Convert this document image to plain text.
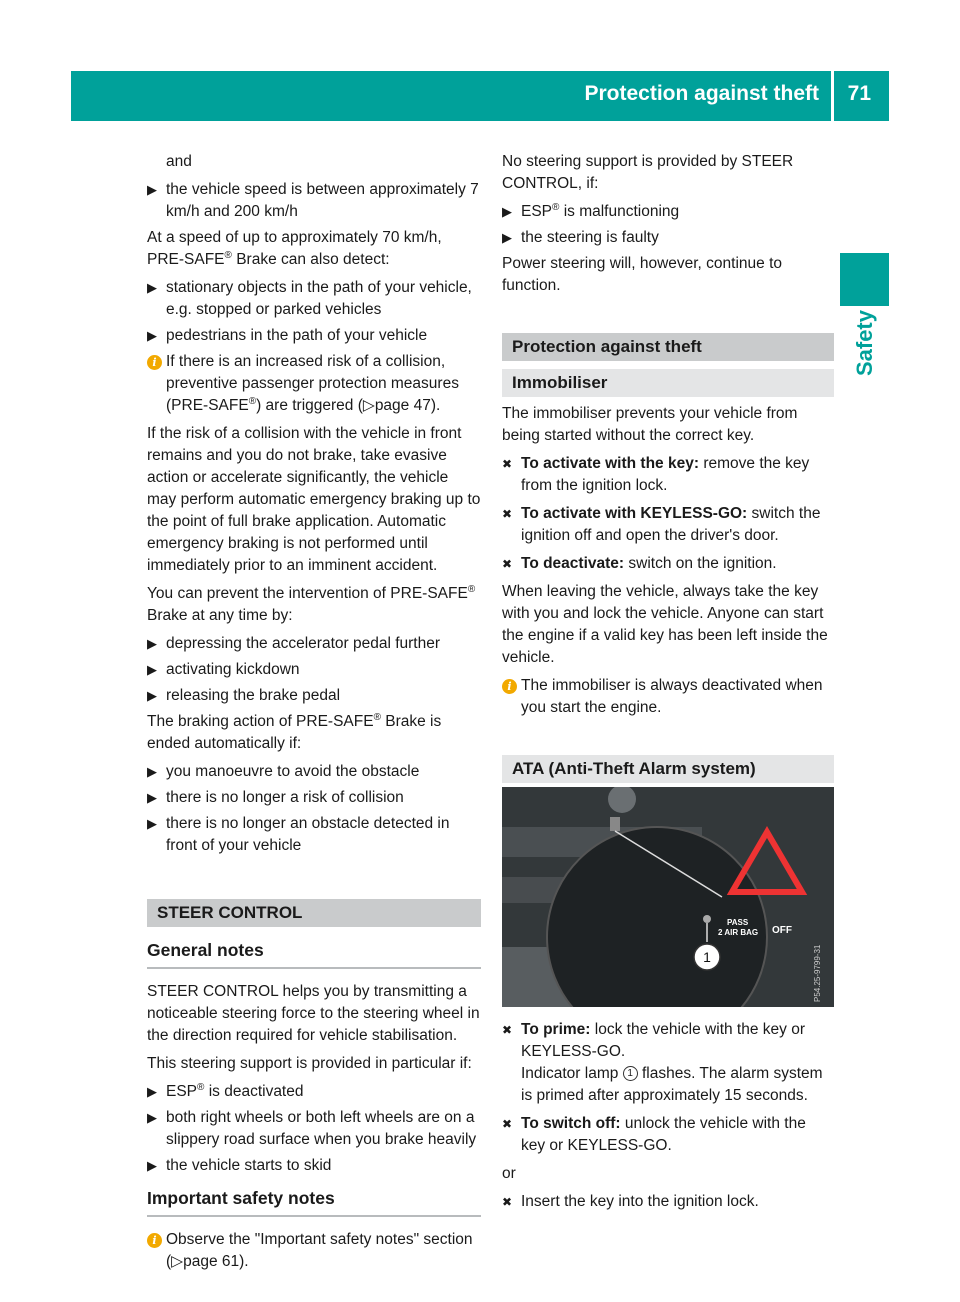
Protection against theft 71
Safety

and

▶ the vehicle speed is between approximately 7 km/h and 200 km/h

At a speed of up to approximately 70 km/h,
PRE-SAFE® Brake can also detect:

▶ stationary objects in the path of your vehicle, e.g. stopped or parked vehicles
▶ pedestrians in the path of your vehicle
i If there is an increased risk of a collision, preventive passenger protection measures (PRE-SAFE®) are triggered (▷page 47).

If the risk of a collision with the vehicle in front remains and you do not brake, take evasive action or accelerate significantly, the vehicle may perform automatic emergency braking up to the point of full brake application. Automatic emergency braking is not performed until immediately prior to an imminent accident.

You can prevent the intervention of PRE-SAFE®
Brake at any time by:

▶ depressing the accelerator pedal further
▶ activating kickdown
▶ releasing the brake pedal

The braking action of PRE-SAFE® Brake is ended automatically if:

▶ you manoeuvre to avoid the obstacle
▶ there is no longer a risk of collision
▶ there is no longer an obstacle detected in front of your vehicle
STEER CONTROL
General notes

STEER CONTROL helps you by transmitting a noticeable steering force to the steering wheel in the direction required for vehicle stabilisation.

This steering support is provided in particular if:

▶ ESP® is deactivated
▶ both right wheels or both left wheels are on a slippery road surface when you brake heavily
▶ the vehicle starts to skid
Important safety notes
i Observe the "Important safety notes" section (▷page 61).

No steering support is provided by STEER CONTROL, if:

▶ ESP® is malfunctioning
▶ the steering is faulty

Power steering will, however, continue to function.

Protection against theft
Immobiliser

The immobiliser prevents your vehicle from being started without the correct key.

✖ To activate with the key: remove the key from the ignition lock.
✖ To activate with KEYLESS-GO: switch the ignition off and open the driver's door.
✖ To deactivate: switch on the ignition.

When leaving the vehicle, always take the key with you and lock the vehicle. Anyone can start the engine if a valid key has been left inside the vehicle.

i The immobiliser is always deactivated when you start the engine.
ATA (Anti-Theft Alarm system)
1
PASS
2 AIR BAG OFF
P54.25-9799-31
✖ To prime: lock the vehicle with the key or KEYLESS-GO.
Indicator lamp 1 flashes. The alarm system is primed after approximately 15 seconds.
✖ To switch off: unlock the vehicle with the key or KEYLESS-GO.

or

✖ Insert the key into the ignition lock.
